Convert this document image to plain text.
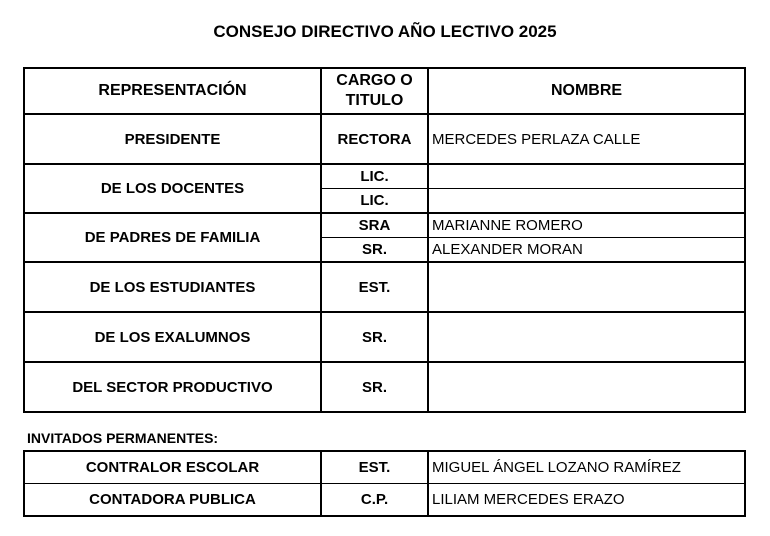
CONSEJO DIRECTIVO AÑO LECTIVO 2025
REPRESENTACIÓN	CARGO O TITULO	NOMBRE
PRESIDENTE	RECTORA	MERCEDES PERLAZA CALLE
DE LOS DOCENTES	LIC.	
	LIC.	
DE PADRES DE FAMILIA	SRA	MARIANNE ROMERO
	SR.	ALEXANDER MORAN
DE LOS ESTUDIANTES	EST.	
DE LOS EXALUMNOS	SR.	
DEL SECTOR PRODUCTIVO	SR.	
INVITADOS PERMANENTES:
CONTRALOR ESCOLAR	EST.	MIGUEL ÁNGEL LOZANO RAMÍREZ
CONTADORA PUBLICA	C.P.	LILIAM MERCEDES ERAZO
